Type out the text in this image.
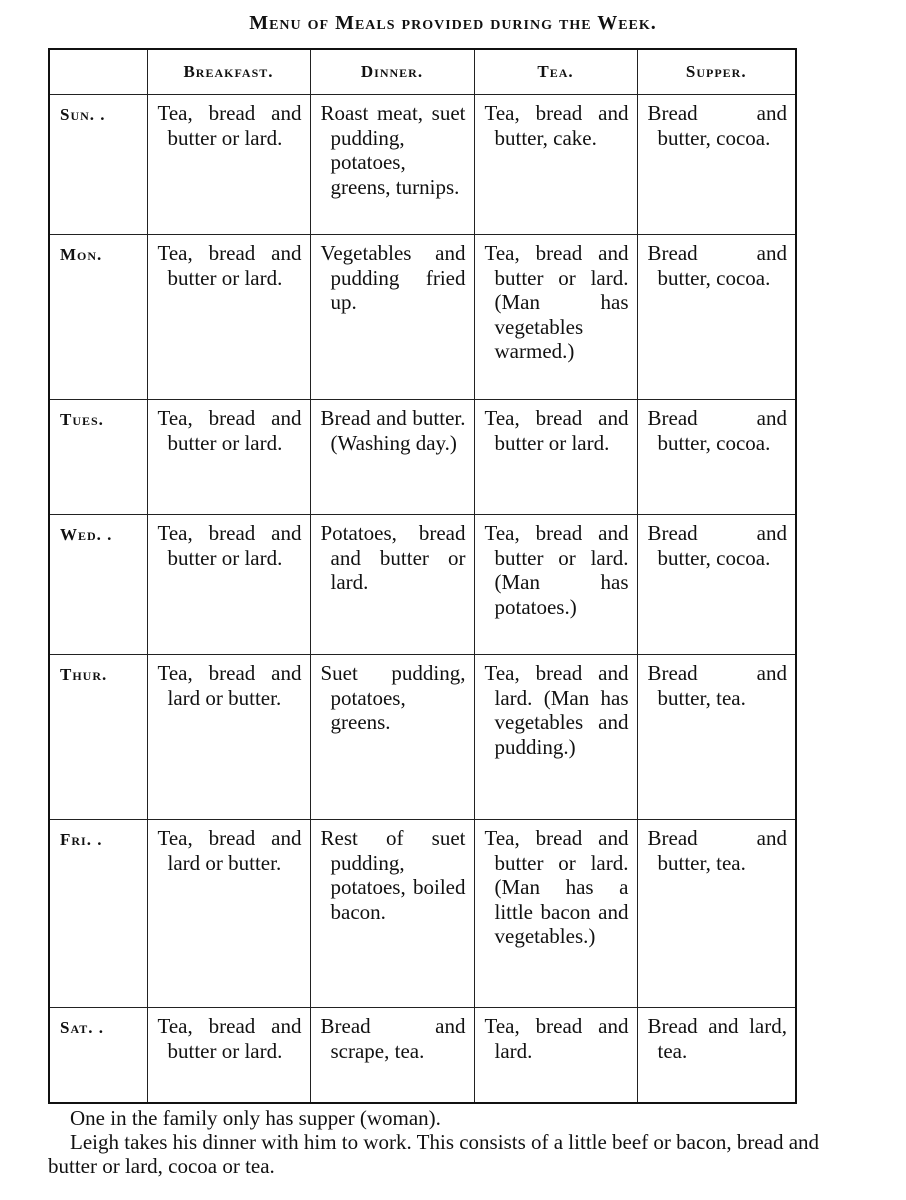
Menu of Meals provided during the Week.
	Breakfast.	Dinner.	Tea.	Supper.
Sun. .	Tea, bread and butter or lard.	Roast meat, suet pudding, potatoes, greens, turnips.	Tea, bread and butter, cake.	Bread and butter, cocoa.
Mon.	Tea, bread and butter or lard.	Vegetables and pudding fried up.	Tea, bread and butter or lard. (Man has vegetables warmed.)	Bread and butter, cocoa.
Tues.	Tea, bread and butter or lard.	Bread and butter. (Washing day.)	Tea, bread and butter or lard.	Bread and butter, cocoa.
Wed. .	Tea, bread and butter or lard.	Potatoes, bread and butter or lard.	Tea, bread and butter or lard. (Man has potatoes.)	Bread and butter, cocoa.
Thur.	Tea, bread and lard or butter.	Suet pudding, potatoes, greens.	Tea, bread and lard. (Man has vegetables and pudding.)	Bread and butter, tea.
Fri. .	Tea, bread and lard or butter.	Rest of suet pudding, potatoes, boiled bacon.	Tea, bread and butter or lard. (Man has a little bacon and vegetables.)	Bread and butter, tea.
Sat. .	Tea, bread and butter or lard.	Bread and scrape, tea.	Tea, bread and lard.	Bread and lard, tea.

One in the family only has supper (woman).

Leigh takes his dinner with him to work. This consists of a little beef or bacon, bread and butter or lard, cocoa or tea.
